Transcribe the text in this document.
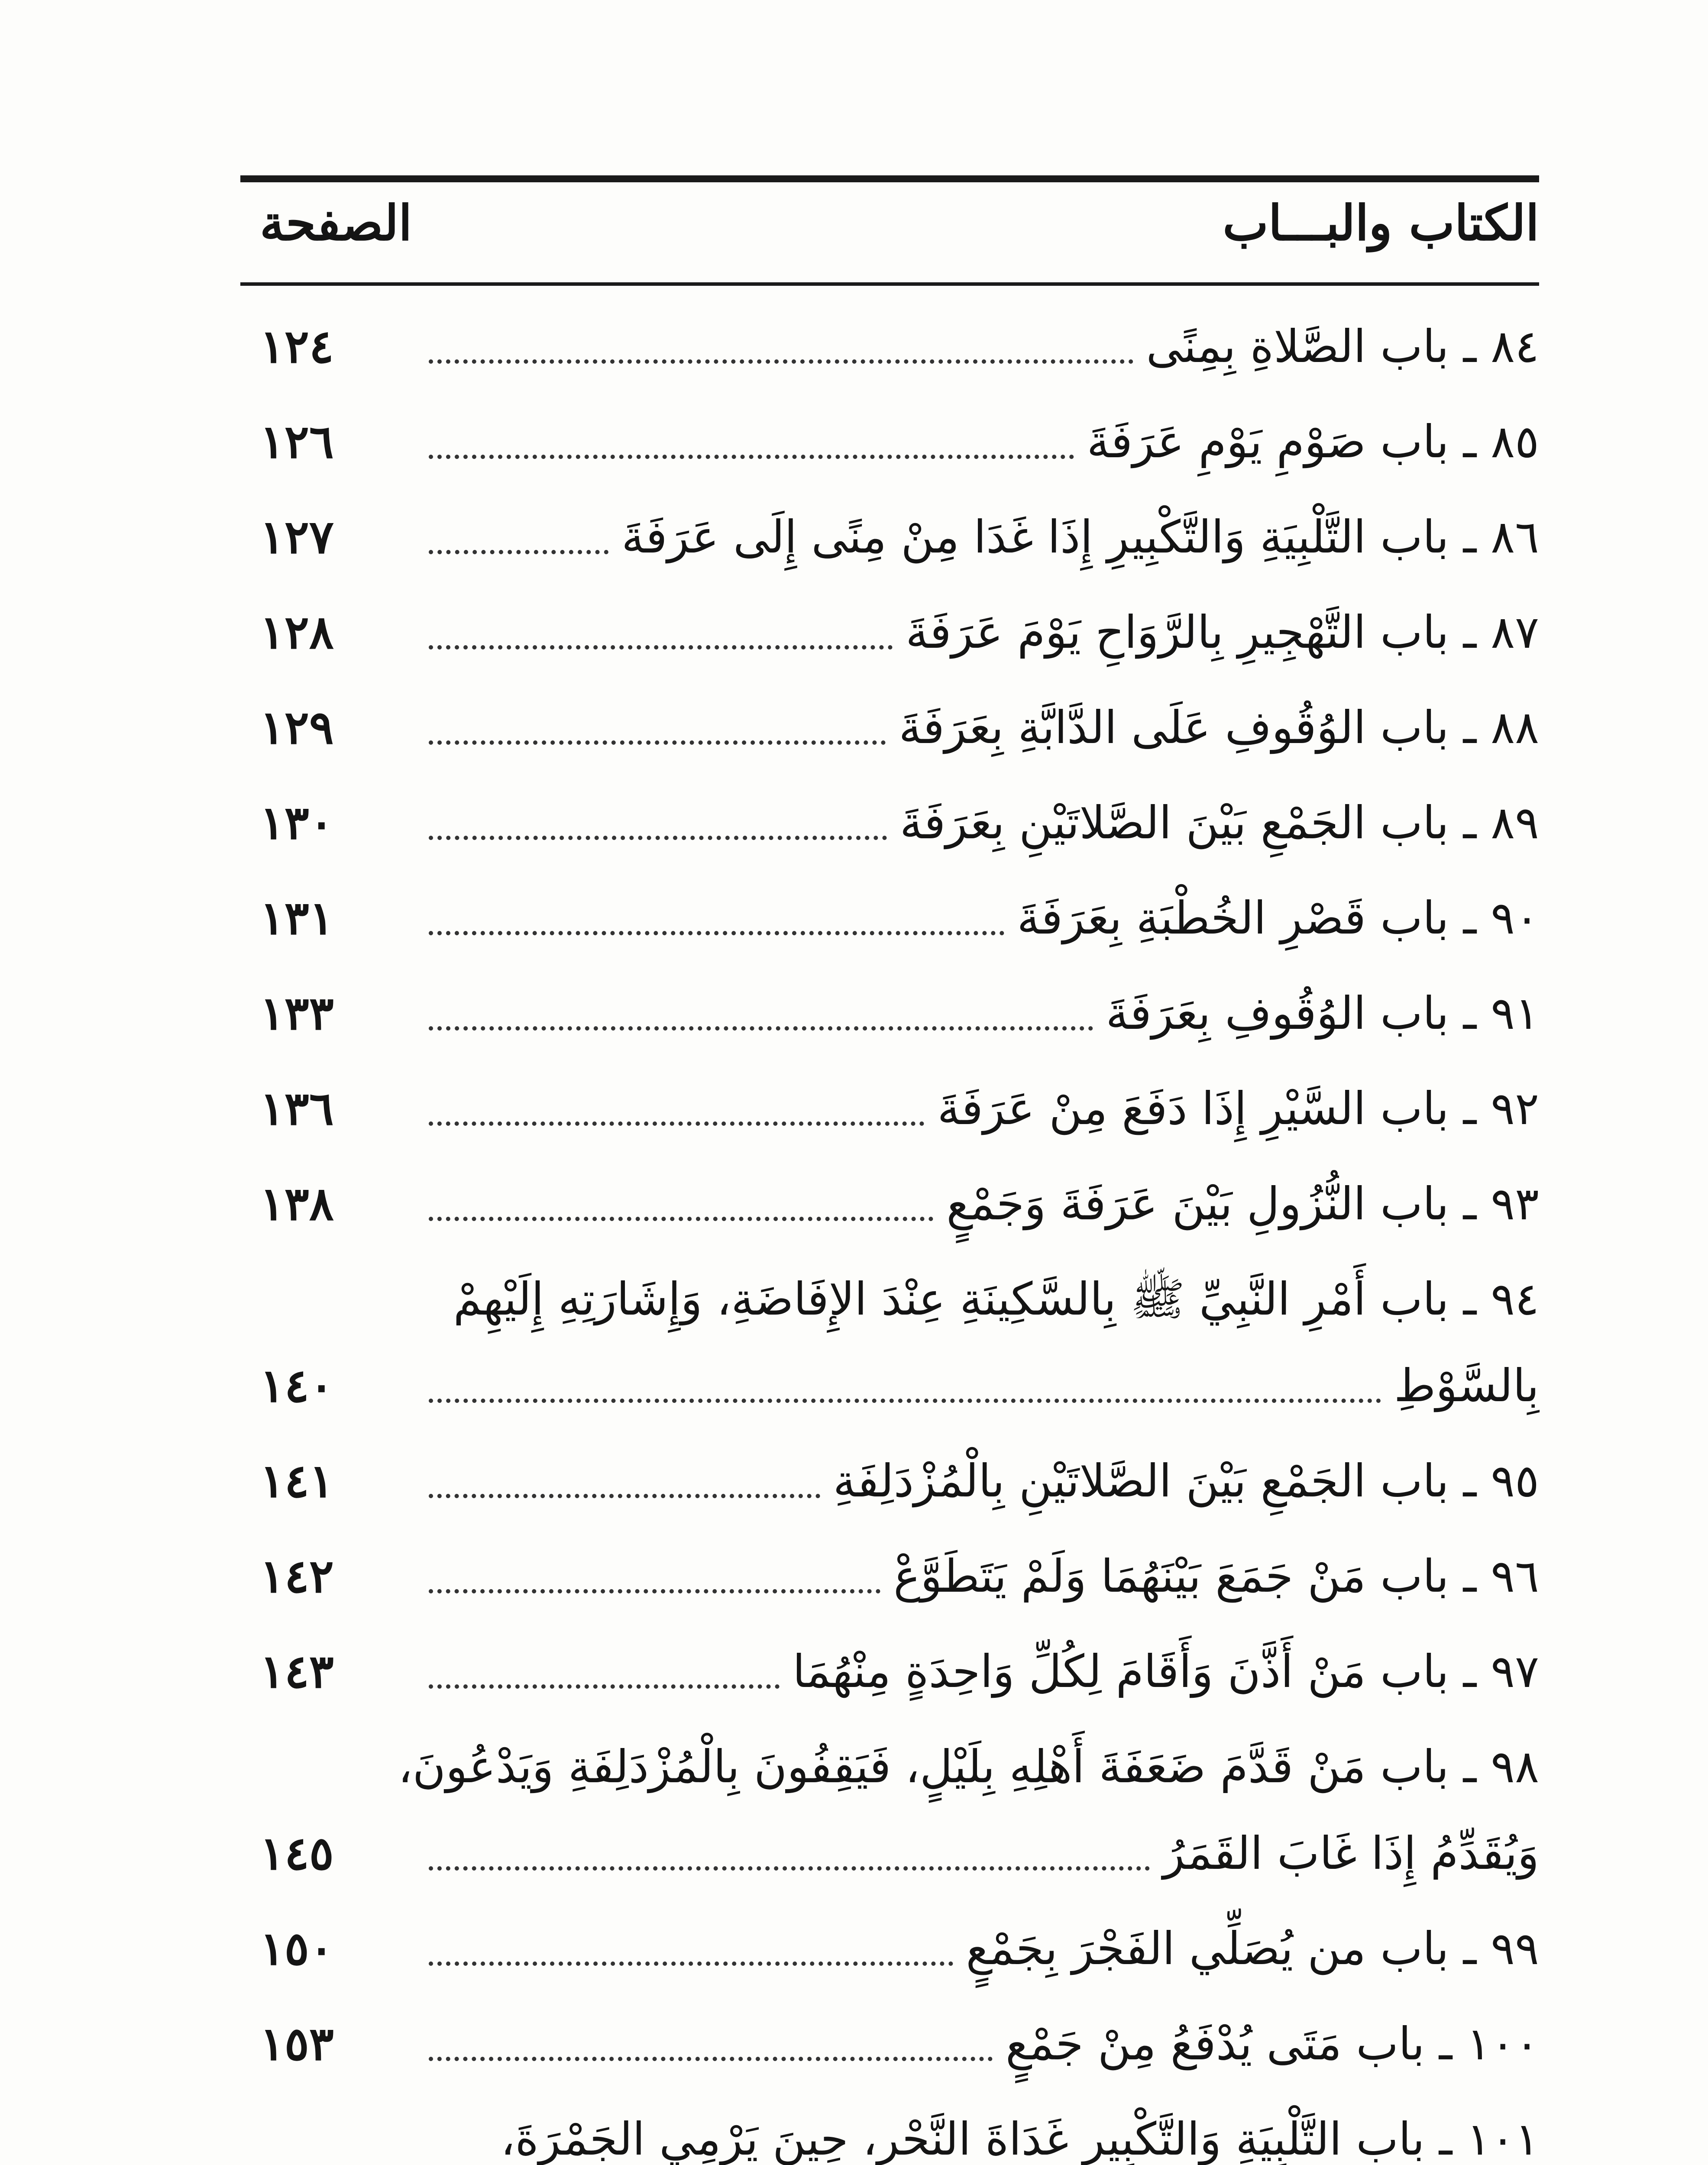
الكتاب والبـــاب
الصفحة
٨٤ ـ باب الصَّلاةِ بِمِنًى
١٢٤
٨٥ ـ باب صَوْمِ يَوْمِ عَرَفَةَ
١٢٦
٨٦ ـ باب التَّلْبِيَةِ وَالتَّكْبِيرِ إِذَا غَدَا مِنْ مِنًى إِلَى عَرَفَةَ
١٢٧
٨٧ ـ باب التَّهْجِيرِ بِالرَّوَاحِ يَوْمَ عَرَفَةَ
١٢٨
٨٨ ـ باب الوُقُوفِ عَلَى الدَّابَّةِ بِعَرَفَةَ
١٢٩
٨٩ ـ باب الجَمْعِ بَيْنَ الصَّلاتَيْنِ بِعَرَفَةَ
١٣٠
٩٠ ـ باب قَصْرِ الخُطْبَةِ بِعَرَفَةَ
١٣١
٩١ ـ باب الوُقُوفِ بِعَرَفَةَ
١٣٣
٩٢ ـ باب السَّيْرِ إِذَا دَفَعَ مِنْ عَرَفَةَ
١٣٦
٩٣ ـ باب النُّزُولِ بَيْنَ عَرَفَةَ وَجَمْعٍ
١٣٨
٩٤ ـ باب أَمْرِ النَّبِيِّ ﷺ بِالسَّكِينَةِ عِنْدَ الإِفَاضَةِ، وَإِشَارَتِهِ إِلَيْهِمْ
بِالسَّوْطِ
١٤٠
٩٥ ـ باب الجَمْعِ بَيْنَ الصَّلاتَيْنِ بِالْمُزْدَلِفَةِ
١٤١
٩٦ ـ باب مَنْ جَمَعَ بَيْنَهُمَا وَلَمْ يَتَطَوَّعْ
١٤٢
٩٧ ـ باب مَنْ أَذَّنَ وَأَقَامَ لِكُلِّ وَاحِدَةٍ مِنْهُمَا
١٤٣
٩٨ ـ باب مَنْ قَدَّمَ ضَعَفَةَ أَهْلِهِ بِلَيْلٍ، فَيَقِفُونَ بِالْمُزْدَلِفَةِ وَيَدْعُونَ،
وَيُقَدِّمُ إِذَا غَابَ القَمَرُ
١٤٥
٩٩ ـ باب من يُصَلِّي الفَجْرَ بِجَمْعٍ
١٥٠
١٠٠ ـ باب مَتَى يُدْفَعُ مِنْ جَمْعٍ
١٥٣
١٠١ ـ باب التَّلْبِيَةِ وَالتَّكْبِيرِ غَدَاةَ النَّحْرِ، حِينَ يَرْمِي الجَمْرَةَ،
